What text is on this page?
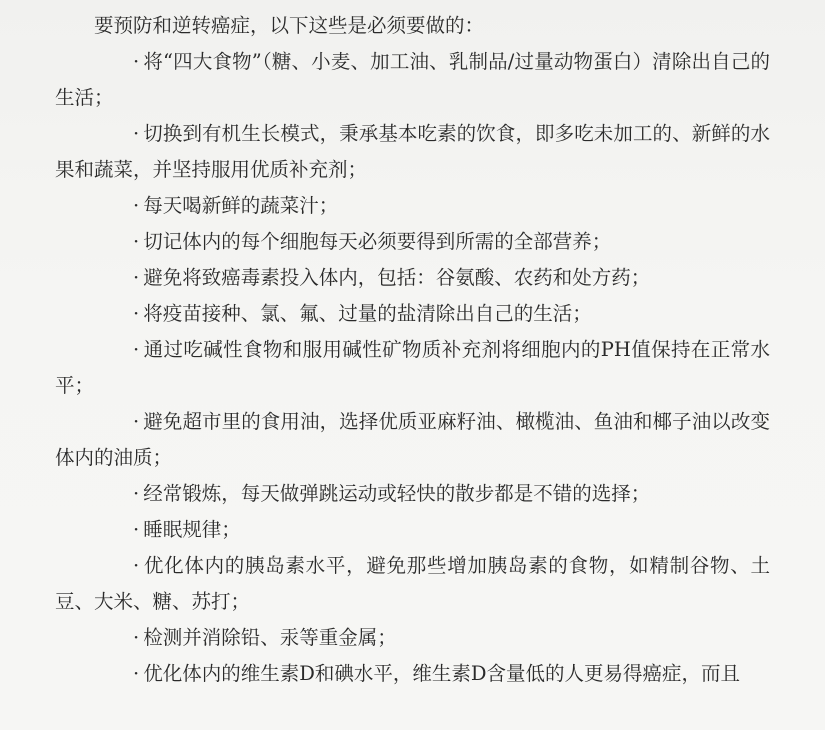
要预防和逆转癌症，以下这些是必须要做的：

· 将“四大食物”（糖、小麦、加工油、乳制品/过量动物蛋白）清除出自己的生活；

· 切换到有机生长模式，秉承基本吃素的饮食，即多吃未加工的、新鲜的水果和蔬菜，并坚持服用优质补充剂；

· 每天喝新鲜的蔬菜汁；

· 切记体内的每个细胞每天必须要得到所需的全部营养；

· 避免将致癌毒素投入体内，包括：谷氨酸、农药和处方药；

· 将疫苗接种、氯、氟、过量的盐清除出自己的生活；

· 通过吃碱性食物和服用碱性矿物质补充剂将细胞内的PH值保持在正常水平；

· 避免超市里的食用油，选择优质亚麻籽油、橄榄油、鱼油和椰子油以改变体内的油质；

· 经常锻炼，每天做弹跳运动或轻快的散步都是不错的选择；

· 睡眠规律；

· 优化体内的胰岛素水平，避免那些增加胰岛素的食物，如精制谷物、土豆、大米、糖、苏打；

· 检测并消除铅、汞等重金属；

· 优化体内的维生素D和碘水平，维生素D含量低的人更易得癌症，而且
